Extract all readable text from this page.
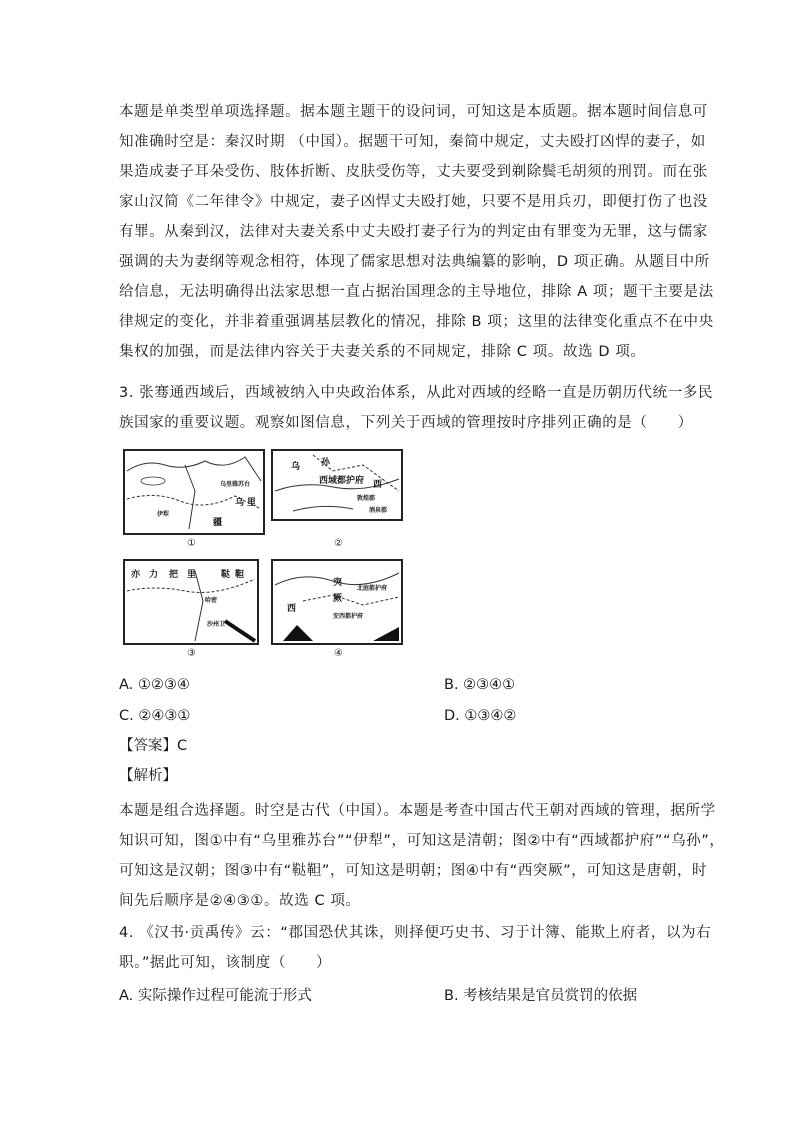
本题是单类型单项选择题。据本题主题干的设问词，可知这是本质题。据本题时间信息可
知准确时空是：秦汉时期 （中国）。据题干可知，秦简中规定，丈夫殴打凶悍的妻子，如
果造成妻子耳朵受伤、肢体折断、皮肤受伤等，丈夫要受到剃除鬓毛胡须的刑罚。而在张
家山汉简《二年律令》中规定，妻子凶悍丈夫殴打她，只要不是用兵刃，即便打伤了也没
有罪。从秦到汉，法律对夫妻关系中丈夫殴打妻子行为的判定由有罪变为无罪，这与儒家
强调的夫为妻纲等观念相符，体现了儒家思想对法典编纂的影响，D 项正确。从题目中所
给信息，无法明确得出法家思想一直占据治国理念的主导地位，排除 A 项；题干主要是法
律规定的变化，并非着重强调基层教化的情况，排除 B 项；这里的法律变化重点不在中央
集权的加强，而是法律内容关于夫妻关系的不同规定，排除 C 项。故选 D 项。
3. 张骞通西域后，西域被纳入中央政治体系，从此对西域的经略一直是历朝历代统一多民
族国家的重要议题。观察如图信息，下列关于西域的管理按时序排列正确的是（　　）
伊犁
乌里雅苏台
乌 里
疆
①
乌 孙
西域都护府 西
敦煌郡
酒泉郡
②
亦 力 把 里	鞑 靼
哈密
沙州卫
③
西
突
厥
安西都护府
北庭都护府
④
A. ①②③④	B. ②③④①
C. ②④③①	D. ①③④②
【答案】C
【解析】
本题是组合选择题。时空是古代（中国）。本题是考查中国古代王朝对西域的管理，据所学
知识可知，图①中有“乌里雅苏台”“伊犁”，可知这是清朝；图②中有“西域都护府”“乌孙”，
可知这是汉朝；图③中有“鞑靼”，可知这是明朝；图④中有“西突厥”，可知这是唐朝，时
间先后顺序是②④③①。故选 C 项。
4. 《汉书·贡禹传》云：“郡国恐伏其诛，则择便巧史书、习于计簿、能欺上府者，以为右
职。”据此可知，该制度（　　）
A. 实际操作过程可能流于形式	B. 考核结果是官员赏罚的依据
